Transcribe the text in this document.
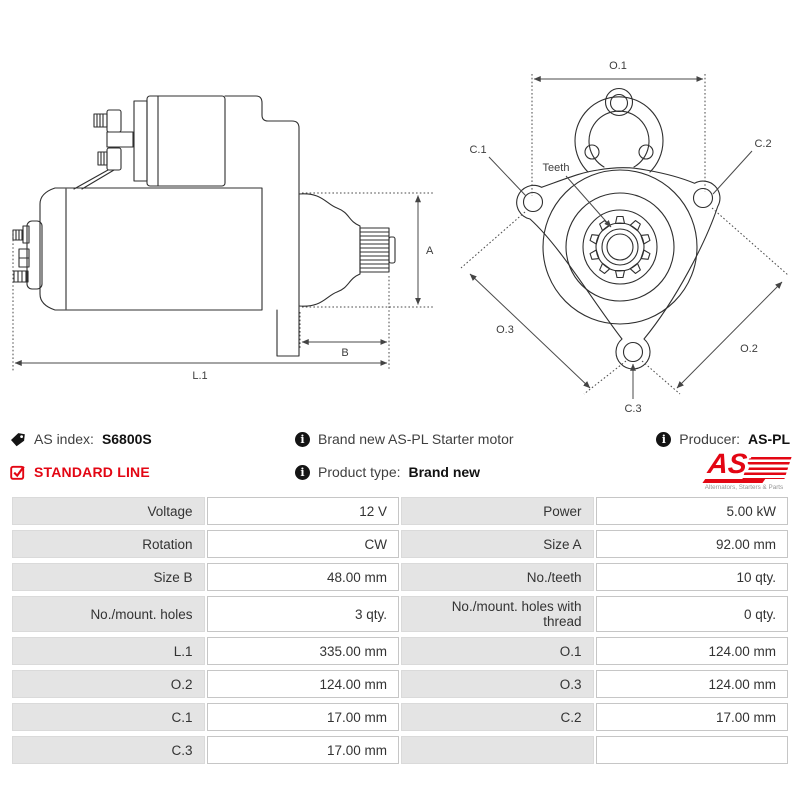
A
B
L.1
O.1
C.1	C.2
Teeth
O.3
O.2
C.3
AS index: S6800S	i Brand new AS-PL Starter motor	i Producer: AS-PL
STANDARD LINE	i Product type: Brand new	AS
Alternators, Starters & Parts
Voltage	12 V	Power	5.00 kW
Rotation	CW	Size A	92.00 mm
Size B	48.00 mm	No./teeth	10 qty.
No./mount. holes	3 qty.	No./mount. holes with thread	0 qty.
L.1	335.00 mm	O.1	124.00 mm
O.2	124.00 mm	O.3	124.00 mm
C.1	17.00 mm	C.2	17.00 mm
C.3	17.00 mm		
